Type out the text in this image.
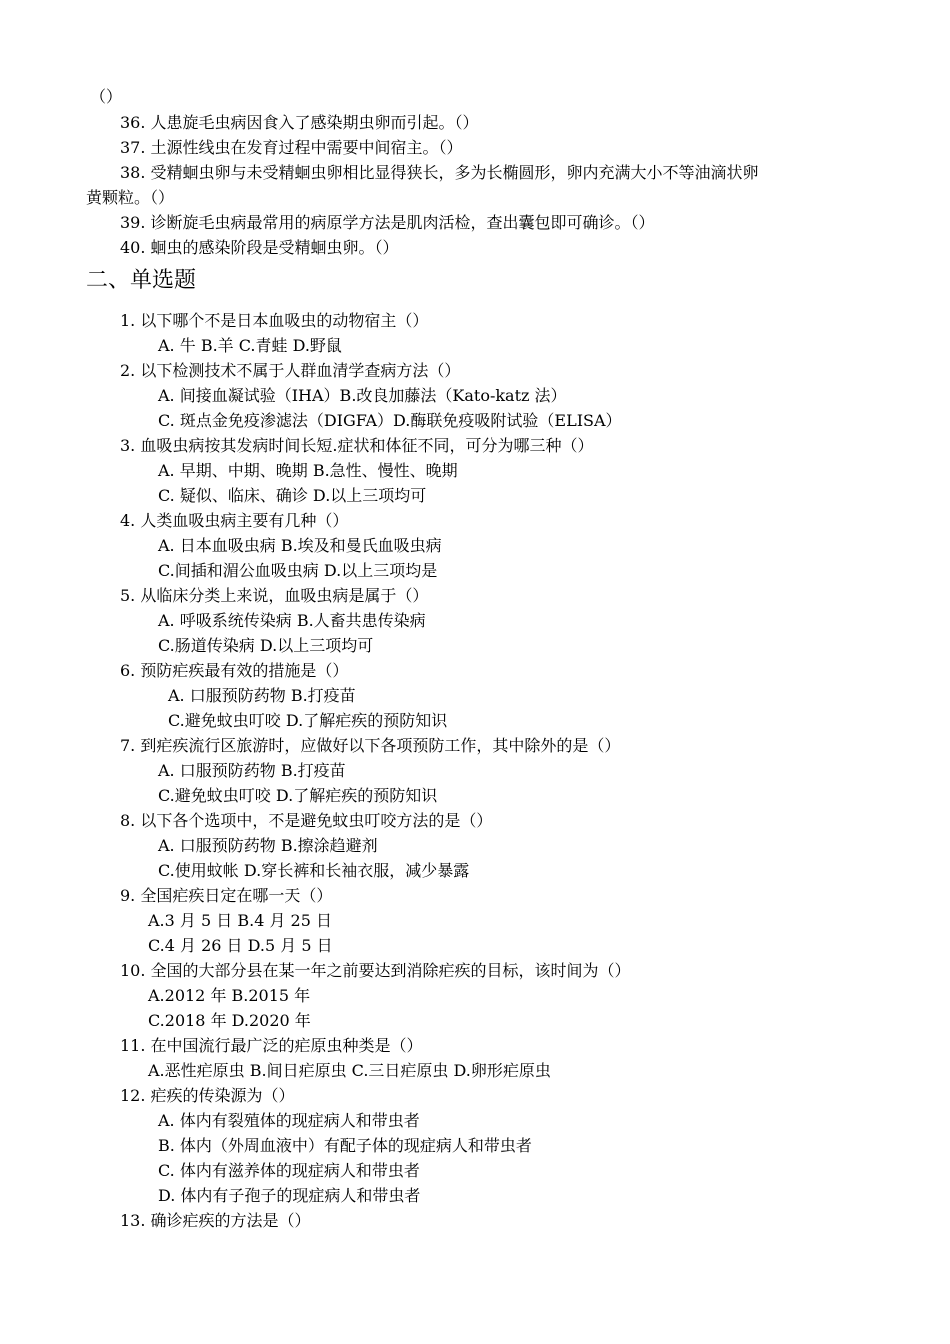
（）
36. 人患旋毛虫病因食入了感染期虫卵而引起。（）
37. 土源性线虫在发育过程中需要中间宿主。（）
38. 受精蛔虫卵与未受精蛔虫卵相比显得狭长，多为长椭圆形，卵内充满大小不等油滴状卵
黄颗粒。（）
39. 诊断旋毛虫病最常用的病原学方法是肌肉活检，查出囊包即可确诊。（）
40. 蛔虫的感染阶段是受精蛔虫卵。（）
二、单选题
1. 以下哪个不是日本血吸虫的动物宿主（）
A. 牛 B.羊 C.青蛙 D.野鼠
2. 以下检测技术不属于人群血清学查病方法（）
A. 间接血凝试验（IHA）B.改良加藤法（Kato-katz 法）
C. 斑点金免疫渗滤法（DIGFA）D.酶联免疫吸附试验（ELISA）
3. 血吸虫病按其发病时间长短.症状和体征不同，可分为哪三种（）
A. 早期、中期、晚期 B.急性、慢性、晚期
C. 疑似、临床、确诊 D.以上三项均可
4. 人类血吸虫病主要有几种（）
A. 日本血吸虫病 B.埃及和曼氏血吸虫病
C.间插和湄公血吸虫病 D.以上三项均是
5. 从临床分类上来说，血吸虫病是属于（）
A. 呼吸系统传染病 B.人畜共患传染病
C.肠道传染病 D.以上三项均可
6. 预防疟疾最有效的措施是（）
A. 口服预防药物 B.打疫苗
C.避免蚊虫叮咬 D.了解疟疾的预防知识
7. 到疟疾流行区旅游时，应做好以下各项预防工作，其中除外的是（）
A. 口服预防药物 B.打疫苗
C.避免蚊虫叮咬 D.了解疟疾的预防知识
8. 以下各个选项中，不是避免蚊虫叮咬方法的是（）
A. 口服预防药物 B.擦涂趋避剂
C.使用蚊帐 D.穿长裤和长袖衣服，减少暴露
9. 全国疟疾日定在哪一天（）
A.3 月 5 日 B.4 月 25 日
C.4 月 26 日 D.5 月 5 日
10. 全国的大部分县在某一年之前要达到消除疟疾的目标，该时间为（）
A.2012 年 B.2015 年
C.2018 年 D.2020 年
11. 在中国流行最广泛的疟原虫种类是（）
A.恶性疟原虫 B.间日疟原虫 C.三日疟原虫 D.卵形疟原虫
12. 疟疾的传染源为（）
A. 体内有裂殖体的现症病人和带虫者
B. 体内（外周血液中）有配子体的现症病人和带虫者
C. 体内有滋养体的现症病人和带虫者
D. 体内有子孢子的现症病人和带虫者
13. 确诊疟疾的方法是（）
